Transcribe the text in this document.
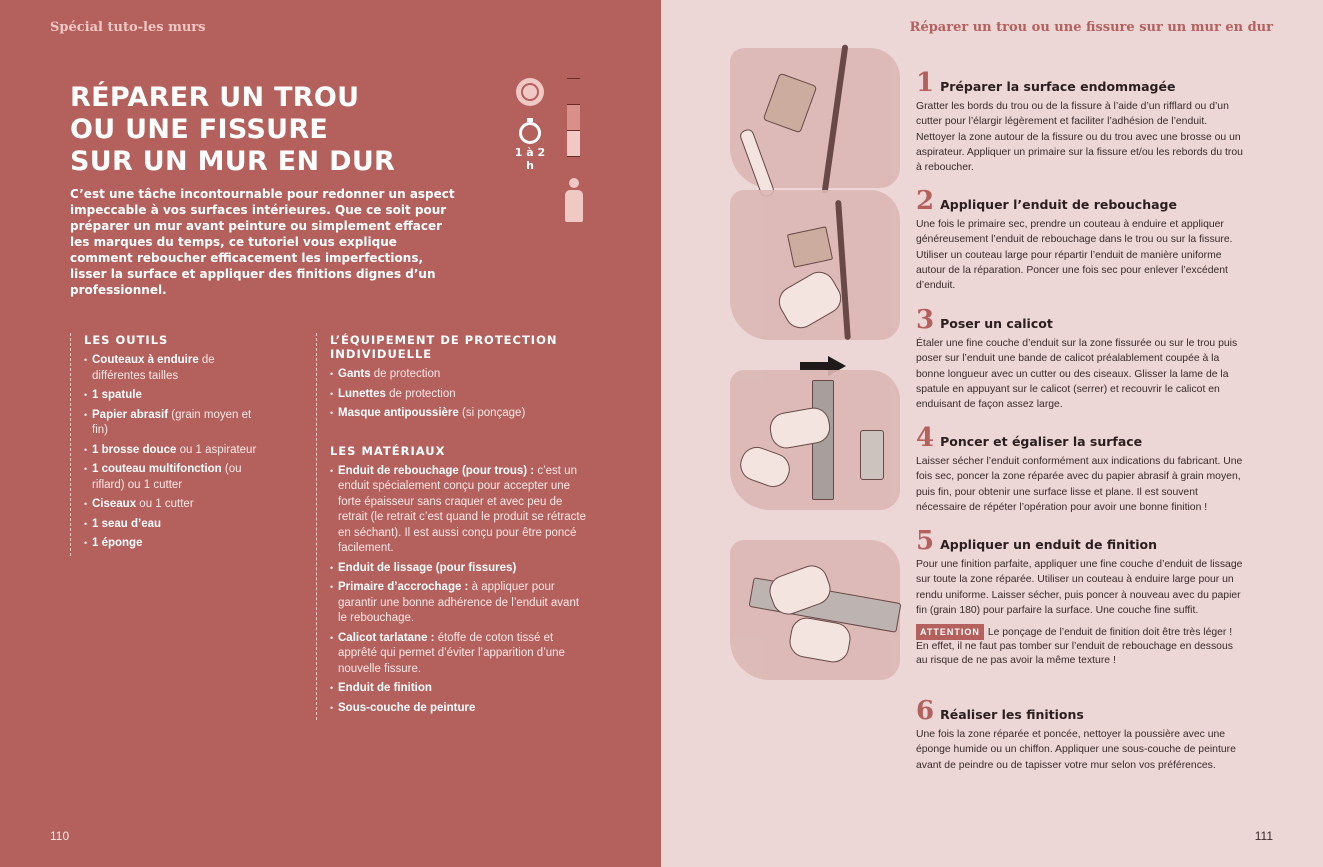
Spécial tuto-les murs
RÉPARER UN TROU
OU UNE FISSURE
SUR UN MUR EN DUR	1 à 2 h

C’est une tâche incontournable pour redonner un aspect impeccable à vos surfaces intérieures. Que ce soit pour préparer un mur avant peinture ou simplement effacer les marques du temps, ce tutoriel vous explique comment reboucher efficacement les imperfections, lisser la surface et appliquer des finitions dignes d’un professionnel.

LES OUTILS
• Couteaux à enduire de différentes tailles
• 1 spatule
• Papier abrasif (grain moyen et fin)
• 1 brosse douce ou 1 aspirateur
• 1 couteau multifonction (ou riflard) ou 1 cutter
• Ciseaux ou 1 cutter
• 1 seau d’eau
• 1 éponge
L’ÉQUIPEMENT DE PROTECTION INDIVIDUELLE
• Gants de protection
• Lunettes de protection
• Masque antipoussière (si ponçage)
LES MATÉRIAUX
• Enduit de rebouchage (pour trous) : c’est un enduit spécialement conçu pour accepter une forte épaisseur sans craquer et avec peu de retrait (le retrait c’est quand le produit se rétracte en séchant). Il est aussi conçu pour être poncé facilement.
• Enduit de lissage (pour fissures)
• Primaire d’accrochage : à appliquer pour garantir une bonne adhérence de l’enduit avant le rebouchage.
• Calicot tarlatane : étoffe de coton tissé et apprêté qui permet d’éviter l’apparition d’une nouvelle fissure.
• Enduit de finition
• Sous-couche de peinture
110
Réparer un trou ou une fissure sur un mur en dur
111
1 Préparer la surface endommagée

Gratter les bords du trou ou de la fissure à l’aide d’un rifflard ou d’un cutter pour l’élargir légèrement et faciliter l’adhésion de l’enduit. Nettoyer la zone autour de la fissure ou du trou avec une brosse ou un aspirateur. Appliquer un primaire sur la fissure et/ou les rebords du trou à reboucher.

2 Appliquer l’enduit de rebouchage

Une fois le primaire sec, prendre un couteau à enduire et appliquer généreusement l’enduit de rebouchage dans le trou ou sur la fissure. Utiliser un couteau large pour répartir l’enduit de manière uniforme autour de la réparation. Poncer une fois sec pour enlever l’excédent d’enduit.

3 Poser un calicot

Étaler une fine couche d’enduit sur la zone fissurée ou sur le trou puis poser sur l’enduit une bande de calicot préalablement coupée à la bonne longueur avec un cutter ou des ciseaux. Glisser la lame de la spatule en appuyant sur le calicot (serrer) et recouvrir le calicot en enduisant de façon assez large.

4 Poncer et égaliser la surface

Laisser sécher l’enduit conformément aux indications du fabricant. Une fois sec, poncer la zone réparée avec du papier abrasif à grain moyen, puis fin, pour obtenir une surface lisse et plane. Il est souvent nécessaire de répéter l’opération pour avoir une bonne finition !

5 Appliquer un enduit de finition

Pour une finition parfaite, appliquer une fine couche d’enduit de lissage sur toute la zone réparée. Utiliser un couteau à enduire large pour un rendu uniforme. Laisser sécher, puis poncer à nouveau avec du papier fin (grain 180) pour parfaire la surface. Une couche fine suffit.

ATTENTION Le ponçage de l’enduit de finition doit être très léger ! En effet, il ne faut pas tomber sur l’enduit de rebouchage en dessous au risque de ne pas avoir la même texture !

6 Réaliser les finitions

Une fois la zone réparée et poncée, nettoyer la poussière avec une éponge humide ou un chiffon. Appliquer une sous-couche de peinture avant de peindre ou de tapisser votre mur selon vos préférences.
